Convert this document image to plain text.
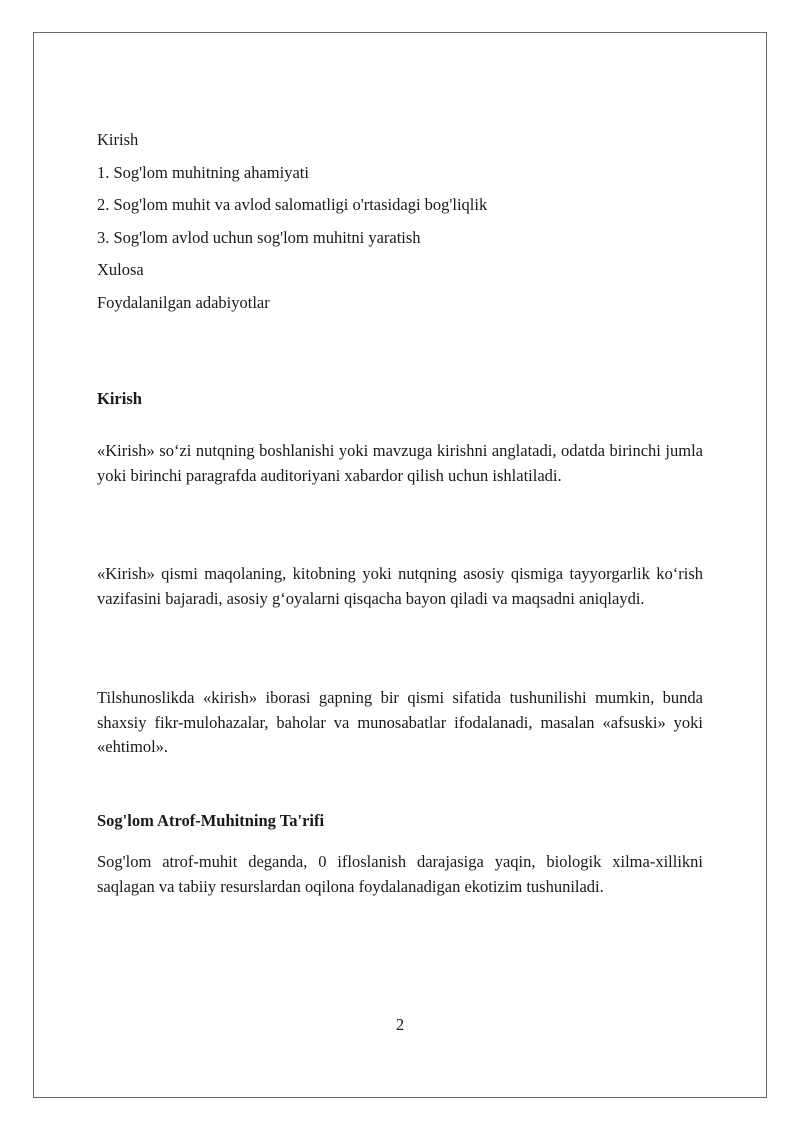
Kirish
1. Sog'lom muhitning ahamiyati
2. Sog'lom muhit va avlod salomatligi o'rtasidagi bog'liqlik
3. Sog'lom avlod uchun sog'lom muhitni yaratish
Xulosa
Foydalanilgan adabiyotlar
Kirish

«Kirish» so‘zi nutqning boshlanishi yoki mavzuga kirishni anglatadi, odatda birinchi jumla yoki birinchi paragrafda auditoriyani xabardor qilish uchun ishlatiladi.

«Kirish» qismi maqolaning, kitobning yoki nutqning asosiy qismiga tayyorgarlik ko‘rish vazifasini bajaradi, asosiy g‘oyalarni qisqacha bayon qiladi va maqsadni aniqlaydi.

Tilshunoslikda «kirish» iborasi gapning bir qismi sifatida tushunilishi mumkin, bunda shaxsiy fikr-mulohazalar, baholar va munosabatlar ifodalanadi, masalan «afsuski» yoki «ehtimol».

Sog'lom Atrof-Muhitning Ta'rifi

Sog'lom atrof-muhit deganda, 0 ifloslanish darajasiga yaqin, biologik xilma-xillikni saqlagan va tabiiy resurslardan oqilona foydalanadigan ekotizim tushuniladi.

2
